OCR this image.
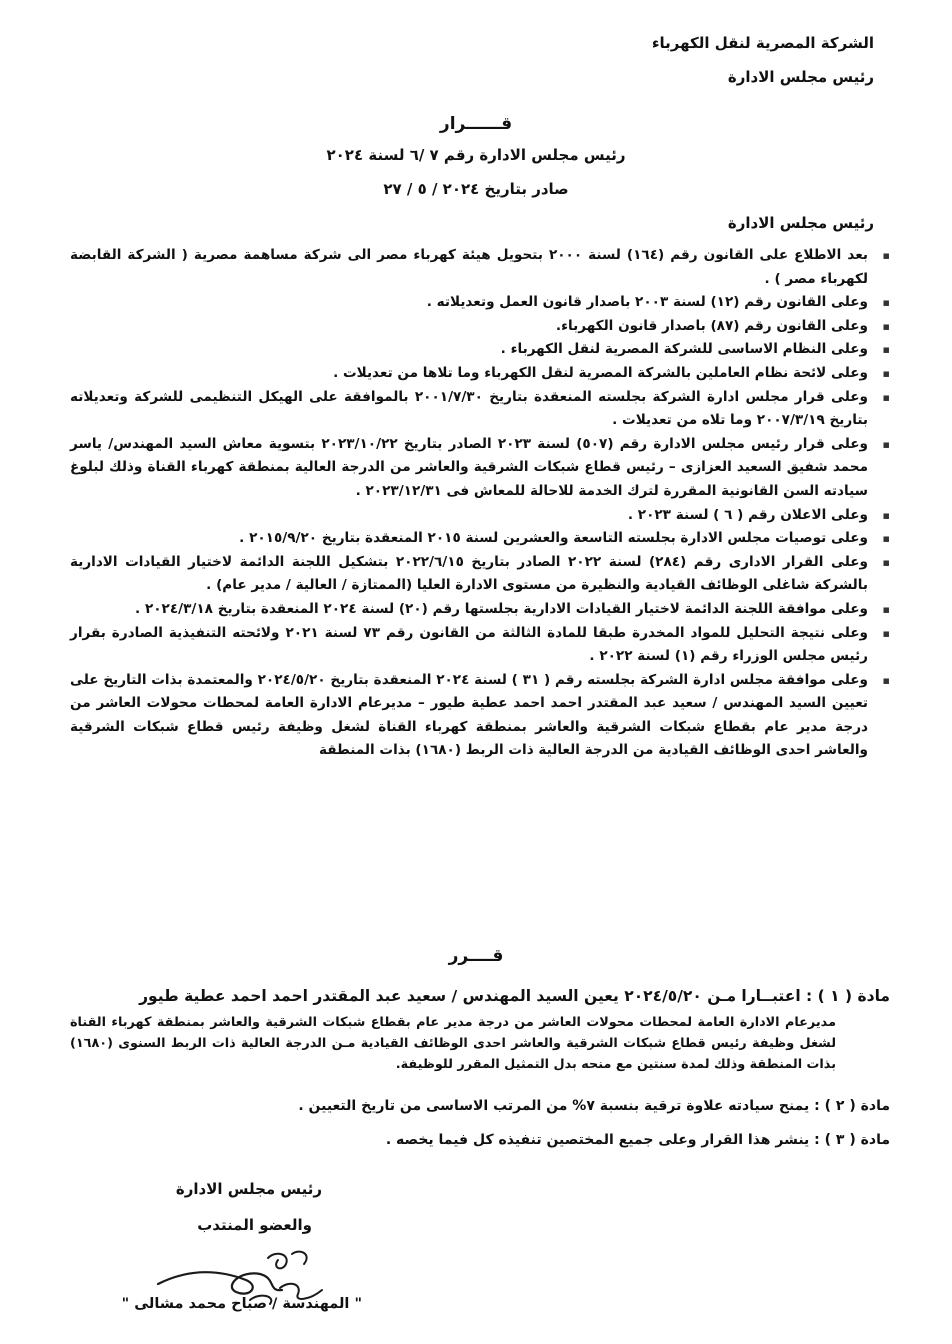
الشركة المصرية لنقل الكهرباء
رئيس مجلس الادارة
قــــــرار
رئيس مجلس الادارة رقم ٧ /٦ لسنة ٢٠٢٤
صادر بتاريخ ٢٠٢٤ / ٥ / ٢٧
رئيس مجلس الادارة
▪ بعد الاطلاع على القانون رقم (١٦٤) لسنة ٢٠٠٠ بتحويل هيئة كهرباء مصر الى شركة مساهمة مصرية ( الشركة القابضة لكهرباء مصر ) .
▪ وعلى القانون رقم (١٢) لسنة ٢٠٠٣ باصدار قانون العمل وتعديلاته .
▪ وعلى القانون رقم (٨٧) باصدار قانون الكهرباء.
▪ وعلى النظام الاساسى للشركة المصرية لنقل الكهرباء .
▪ وعلى لائحة نظام العاملين بالشركة المصرية لنقل الكهرباء وما تلاها من تعديلات .
▪ وعلى قرار مجلس ادارة الشركة بجلسته المنعقدة بتاريخ ٢٠٠١/٧/٣٠ بالموافقة على الهيكل التنظيمى للشركة وتعديلاته بتاريخ ٢٠٠٧/٣/١٩ وما تلاه من تعديلات .
▪ وعلى قرار رئيس مجلس الادارة رقم (٥٠٧) لسنة ٢٠٢٣ الصادر بتاريخ ٢٠٢٣/١٠/٢٢ بتسوية معاش السيد المهندس/ ياسر محمد شفيق السعيد العزازى – رئيس قطاع شبكات الشرقية والعاشر من الدرجة العالية بمنطقة كهرباء القناة وذلك لبلوغ سيادته السن القانونية المقررة لترك الخدمة للاحالة للمعاش فى ٢٠٢٣/١٢/٣١ .
▪ وعلى الاعلان رقم ( ٦ ) لسنة ٢٠٢٣ .
▪ وعلى توصيات مجلس الادارة بجلسته التاسعة والعشرين لسنة ٢٠١٥ المنعقدة بتاريخ ٢٠١٥/٩/٢٠ .
▪ وعلى القرار الادارى رقم (٢٨٤) لسنة ٢٠٢٢ الصادر بتاريخ ٢٠٢٢/٦/١٥ بتشكيل اللجنة الدائمة لاختيار القيادات الادارية بالشركة شاغلى الوظائف القيادية والنظيرة من مستوى الادارة العليا (الممتازة / العالية / مدير عام) .
▪ وعلى موافقة اللجنة الدائمة لاختيار القيادات الادارية بجلستها رقم (٢٠) لسنة ٢٠٢٤ المنعقدة بتاريخ ٢٠٢٤/٣/١٨ .
▪ وعلى نتيجة التحليل للمواد المخدرة طبقا للمادة الثالثة من القانون رقم ٧٣ لسنة ٢٠٢١ ولائحته التنفيذية الصادرة بقرار رئيس مجلس الوزراء رقم (١) لسنة ٢٠٢٢ .
▪ وعلى موافقة مجلس ادارة الشركة بجلسته رقم ( ٣١ ) لسنة ٢٠٢٤ المنعقدة بتاريخ ٢٠٢٤/٥/٢٠ والمعتمدة بذات التاريخ على تعيين السيد المهندس / سعيد عبد المقتدر احمد احمد عطية طيور – مديرعام الادارة العامة لمحطات محولات العاشر من درجة مدير عام بقطاع شبكات الشرقية والعاشر بمنطقة كهرباء القناة لشغل وظيفة رئيس قطاع شبكات الشرقية والعاشر احدى الوظائف القيادية من الدرجة العالية ذات الربط (١٦٨٠) بذات المنطقة
قــــرر
مادة ( ١ ) : اعتبــارا مـن ٢٠٢٤/٥/٢٠ يعين السيد المهندس / سعيد عبد المقتدر احمد احمد عطية طيور
مديرعام الادارة العامة لمحطات محولات العاشر من درجة مدير عام بقطاع شبكات الشرقية والعاشر بمنطقة كهرباء القناة لشغل وظيفة رئيس قطاع شبكات الشرقية والعاشر احدى الوظائف القيادية مـن الدرجة العالية ذات الربط السنوى (١٦٨٠) بذات المنطقة وذلك لمدة سنتين مع منحه بدل التمثيل المقرر للوظيفة.
مادة ( ٢ ) : يمنح سيادته علاوة ترقية بنسبة ٧% من المرتب الاساسى من تاريخ التعيين .
مادة ( ٣ ) : ينشر هذا القرار وعلى جميع المختصين تنفيذه كل فيما يخصه .
رئيس مجلس الادارة
والعضو المنتدب
" المهندسة / صباح محمد مشالى "
